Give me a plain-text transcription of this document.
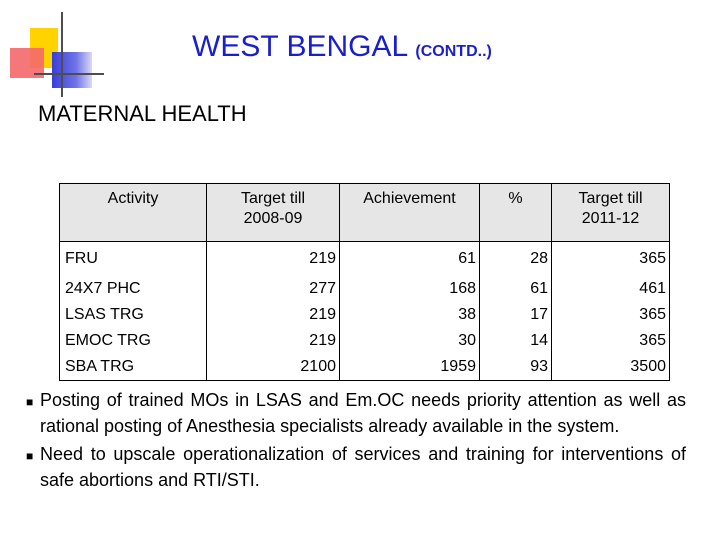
WEST BENGAL (CONTD..)
MATERNAL HEALTH
Activity	Target till 2008-09	Achievement	%	Target till 2011-12
FRU	219	61	28	365
24X7 PHC	277	168	61	461
LSAS TRG	219	38	17	365
EMOC TRG	219	30	14	365
SBA TRG	2100	1959	93	3500

■ Posting of trained MOs in LSAS and Em.OC needs priority attention as well as rational posting of Anesthesia specialists already available in the system.

■ Need to upscale operationalization of services and training for interventions of safe abortions and RTI/STI.
